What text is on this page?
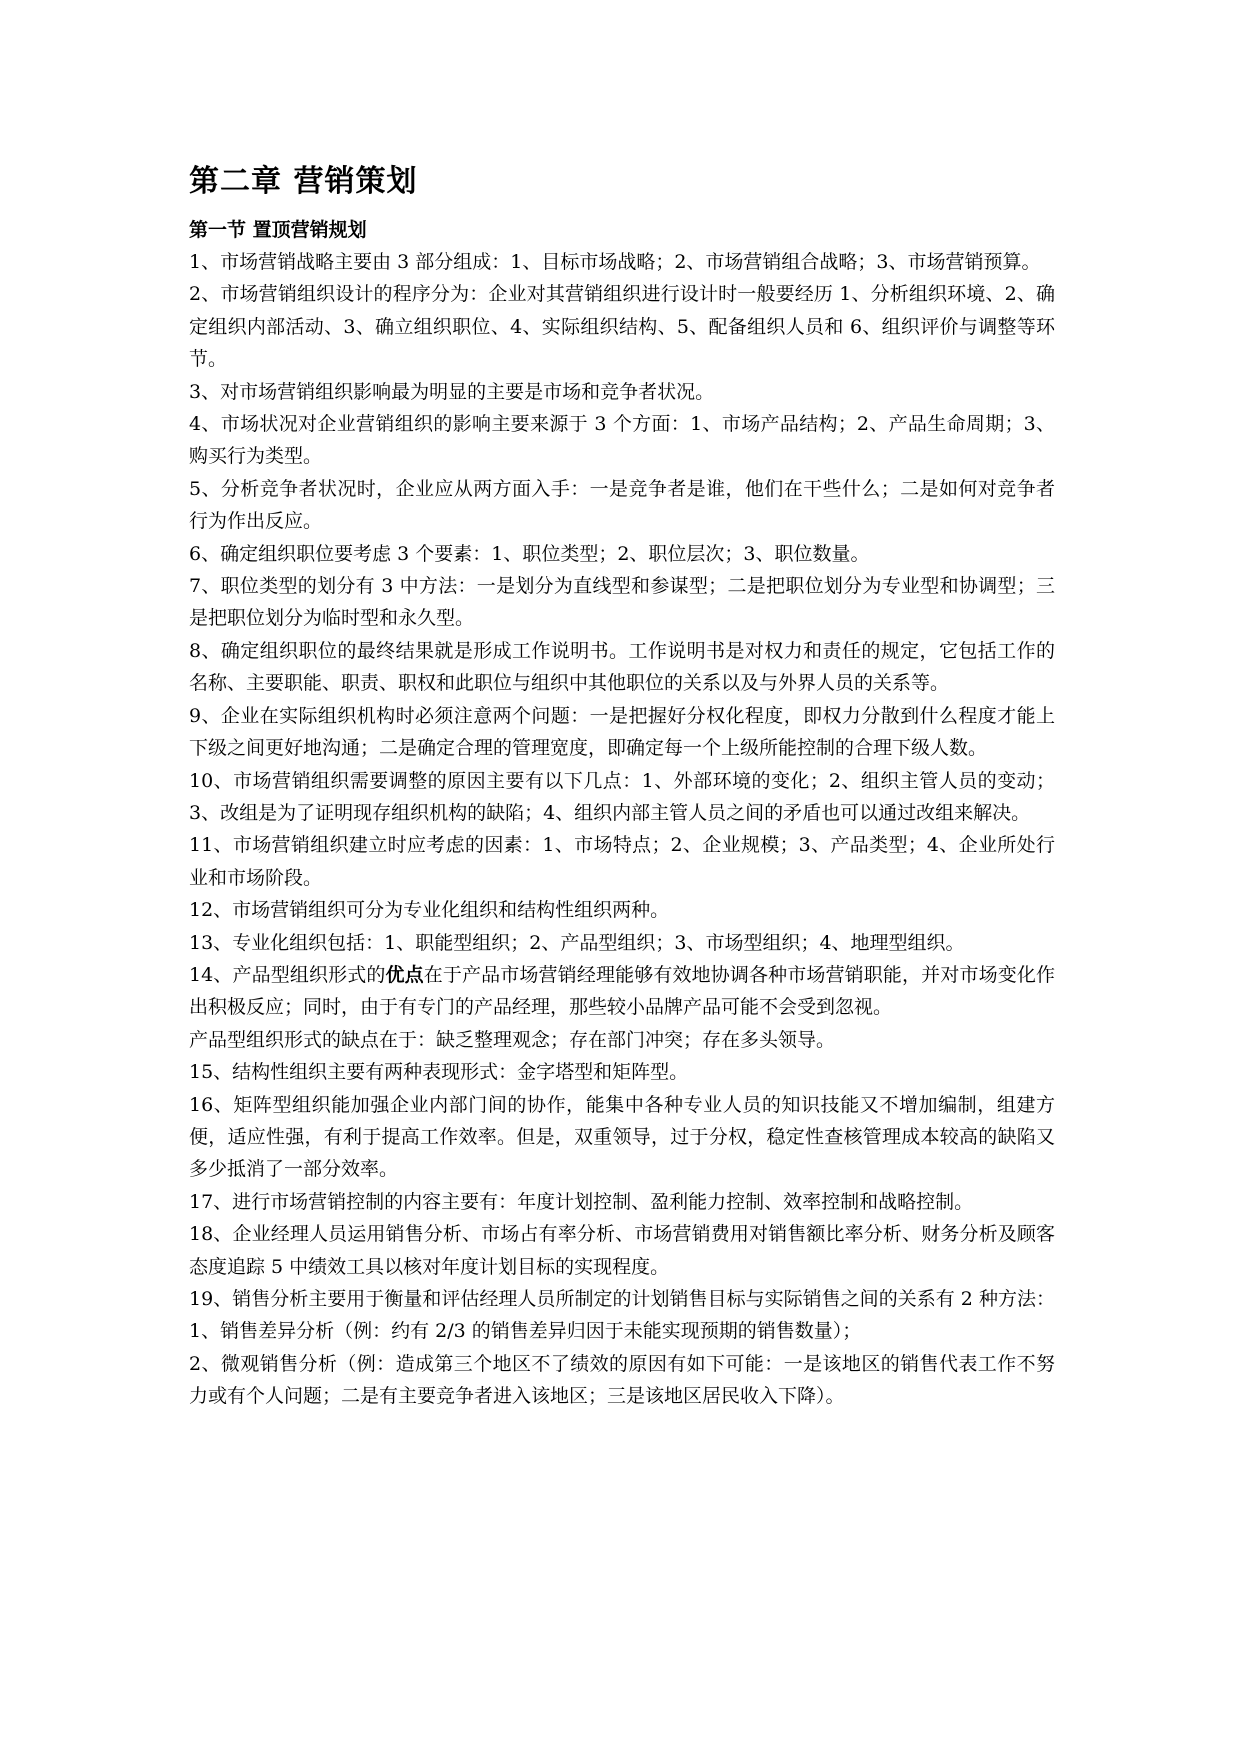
第二章 营销策划
第一节 置顶营销规划

1、市场营销战略主要由 3 部分组成：1、目标市场战略；2、市场营销组合战略；3、市场营销预算。

2、市场营销组织设计的程序分为：企业对其营销组织进行设计时一般要经历 1、分析组织环境、2、确定组织内部活动、3、确立组织职位、4、实际组织结构、5、配备组织人员和 6、组织评价与调整等环节。

3、对市场营销组织影响最为明显的主要是市场和竞争者状况。

4、市场状况对企业营销组织的影响主要来源于 3 个方面：1、市场产品结构；2、产品生命周期；3、购买行为类型。

5、分析竞争者状况时，企业应从两方面入手：一是竞争者是谁，他们在干些什么；二是如何对竞争者行为作出反应。

6、确定组织职位要考虑 3 个要素：1、职位类型；2、职位层次；3、职位数量。

7、职位类型的划分有 3 中方法：一是划分为直线型和参谋型；二是把职位划分为专业型和协调型；三是把职位划分为临时型和永久型。

8、确定组织职位的最终结果就是形成工作说明书。工作说明书是对权力和责任的规定，它包括工作的名称、主要职能、职责、职权和此职位与组织中其他职位的关系以及与外界人员的关系等。

9、企业在实际组织机构时必须注意两个问题：一是把握好分权化程度，即权力分散到什么程度才能上下级之间更好地沟通；二是确定合理的管理宽度，即确定每一个上级所能控制的合理下级人数。

10、市场营销组织需要调整的原因主要有以下几点：1、外部环境的变化；2、组织主管人员的变动；3、改组是为了证明现存组织机构的缺陷；4、组织内部主管人员之间的矛盾也可以通过改组来解决。

11、市场营销组织建立时应考虑的因素：1、市场特点；2、企业规模；3、产品类型；4、企业所处行业和市场阶段。

12、市场营销组织可分为专业化组织和结构性组织两种。

13、专业化组织包括：1、职能型组织；2、产品型组织；3、市场型组织；4、地理型组织。

14、产品型组织形式的优点在于产品市场营销经理能够有效地协调各种市场营销职能，并对市场变化作出积极反应；同时，由于有专门的产品经理，那些较小品牌产品可能不会受到忽视。

产品型组织形式的缺点在于：缺乏整理观念；存在部门冲突；存在多头领导。

15、结构性组织主要有两种表现形式：金字塔型和矩阵型。

16、矩阵型组织能加强企业内部门间的协作，能集中各种专业人员的知识技能又不增加编制，组建方便，适应性强，有利于提高工作效率。但是，双重领导，过于分权，稳定性查核管理成本较高的缺陷又多少抵消了一部分效率。

17、进行市场营销控制的内容主要有：年度计划控制、盈利能力控制、效率控制和战略控制。

18、企业经理人员运用销售分析、市场占有率分析、市场营销费用对销售额比率分析、财务分析及顾客态度追踪 5 中绩效工具以核对年度计划目标的实现程度。

19、销售分析主要用于衡量和评估经理人员所制定的计划销售目标与实际销售之间的关系有 2 种方法：1、销售差异分析（例：约有 2/3 的销售差异归因于未能实现预期的销售数量）；

2、微观销售分析（例：造成第三个地区不了绩效的原因有如下可能：一是该地区的销售代表工作不努力或有个人问题；二是有主要竞争者进入该地区；三是该地区居民收入下降）。
